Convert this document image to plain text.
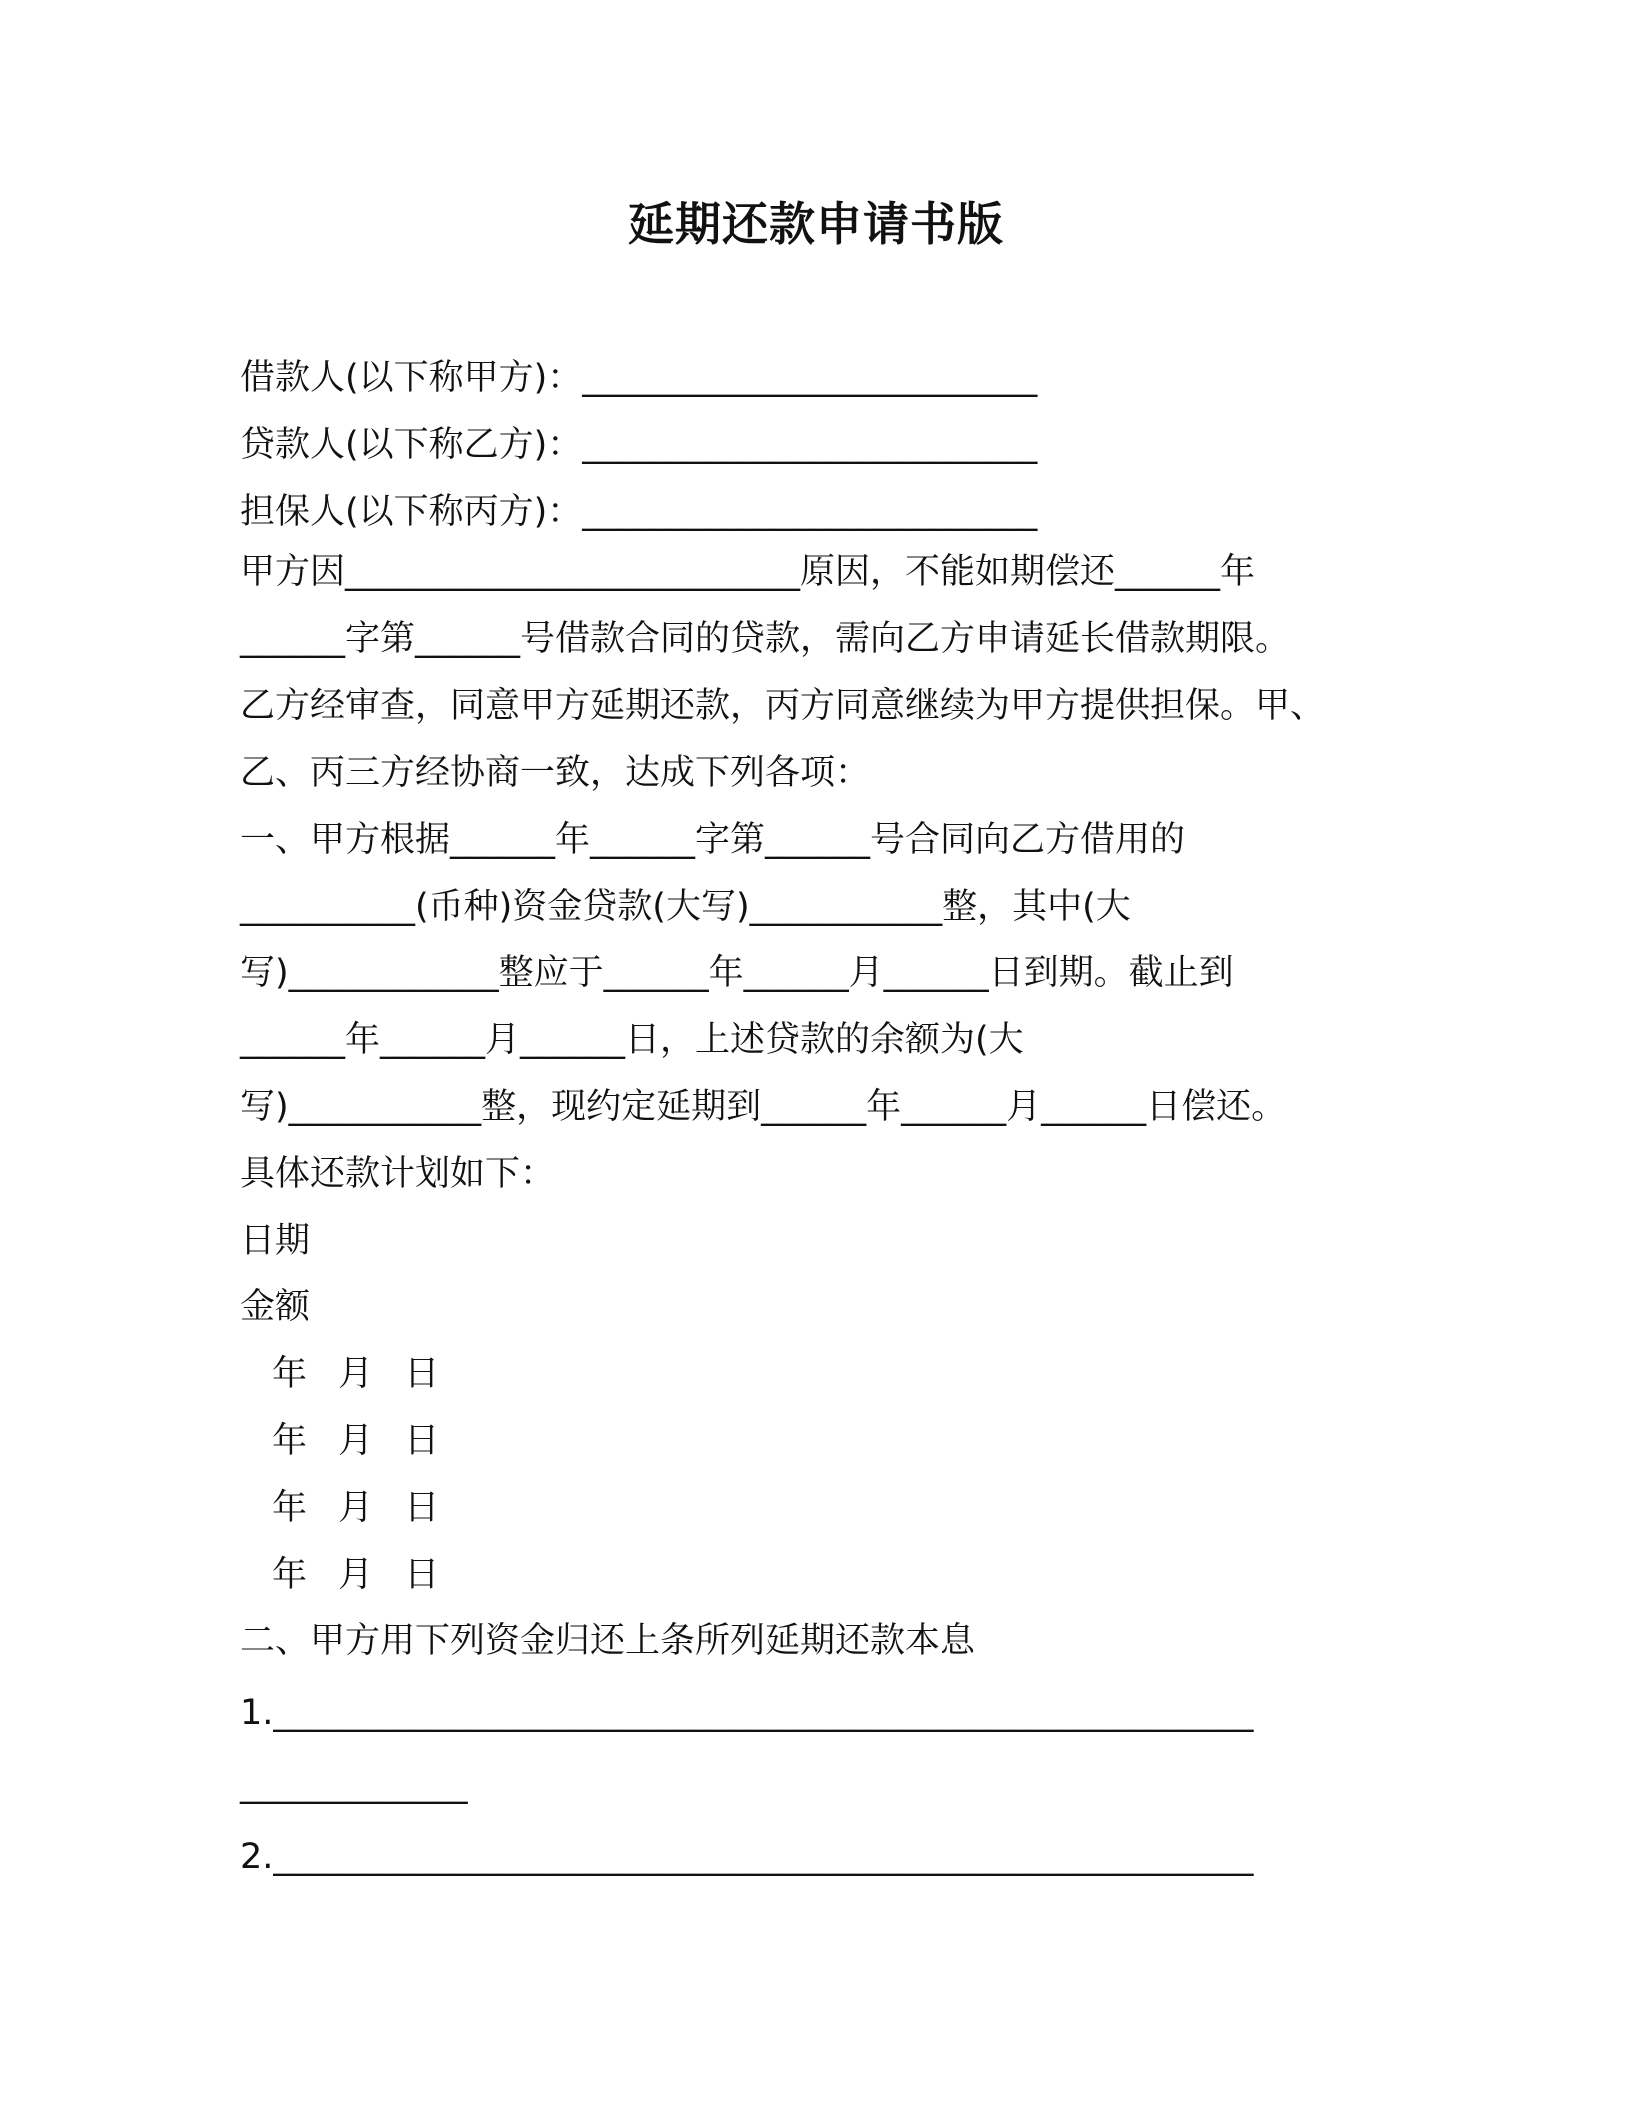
延期还款申请书版
借款人(以下称甲方)：__________________________
贷款人(以下称乙方)：__________________________
担保人(以下称丙方)：__________________________
甲方因__________________________原因，不能如期偿还______年
______字第______号借款合同的贷款，需向乙方申请延长借款期限。
乙方经审查，同意甲方延期还款，丙方同意继续为甲方提供担保。甲、
乙、丙三方经协商一致，达成下列各项：
一、甲方根据______年______字第______号合同向乙方借用的
__________(币种)资金贷款(大写)___________整，其中(大
写)____________整应于______年______月______日到期。截止到
______年______月______日，上述贷款的余额为(大
写)___________整，现约定延期到______年______月______日偿还。
具体还款计划如下：
日期
金额
年 月 日
年 月 日
年 月 日
年 月 日
二、甲方用下列资金归还上条所列延期还款本息
1.________________________________________________________
_____________
2.________________________________________________________
